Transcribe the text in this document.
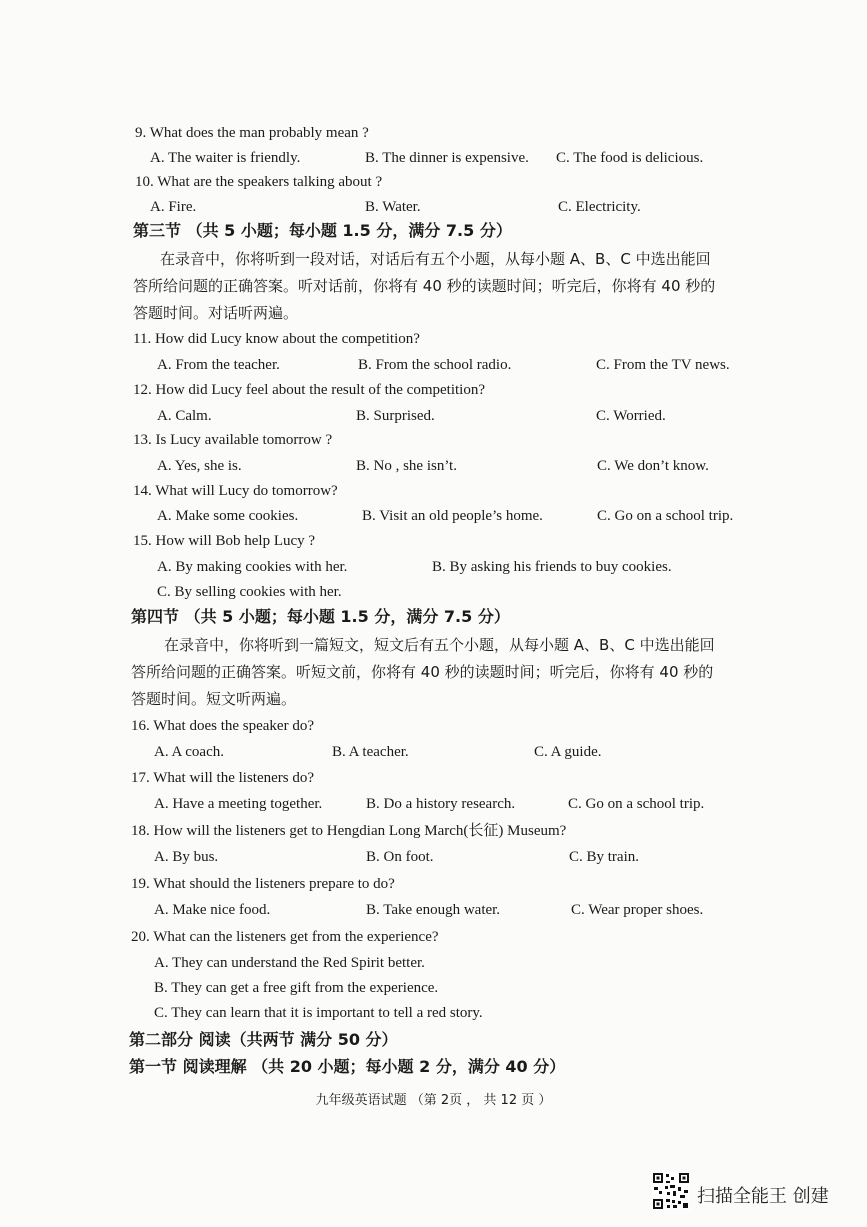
9. What does the man probably mean ?
A. The waiter is friendly.	B. The dinner is expensive. C. The food is delicious.
10. What are the speakers talking about ?
A. Fire.	B. Water.	C. Electricity.
第三节 （共 5 小题；每小题 1.5 分，满分 7.5 分）
在录音中，你将听到一段对话，对话后有五个小题，从每小题 A、B、C 中选出能回
答所给问题的正确答案。听对话前，你将有 40 秒的读题时间；听完后，你将有 40 秒的
答题时间。对话听两遍。
11. How did Lucy know about the competition?
A. From the teacher.	B. From the school radio.	C. From the TV news.
12. How did Lucy feel about the result of the competition?
A. Calm.	B. Surprised.	C. Worried.
13. Is Lucy available tomorrow ?
A. Yes, she is.	B. No , she isn’t.	C. We don’t know.
14. What will Lucy do tomorrow?
A. Make some cookies.	B. Visit an old people’s home.	C. Go on a school trip.
15. How will Bob help Lucy ?
A. By making cookies with her.	B. By asking his friends to buy cookies.
C. By selling cookies with her.
第四节 （共 5 小题；每小题 1.5 分，满分 7.5 分）
在录音中，你将听到一篇短文，短文后有五个小题，从每小题 A、B、C 中选出能回
答所给问题的正确答案。听短文前，你将有 40 秒的读题时间；听完后，你将有 40 秒的
答题时间。短文听两遍。
16. What does the speaker do?
A. A coach.	B. A teacher.	C. A guide.
17. What will the listeners do?
A. Have a meeting together.	B. Do a history research.	C. Go on a school trip.
18. How will the listeners get to Hengdian Long March(长征) Museum?
A. By bus.	B. On foot.	C. By train.
19. What should the listeners prepare to do?
A. Make nice food.	B. Take enough water.	C. Wear proper shoes.
20. What can the listeners get from the experience?
A. They can understand the Red Spirit better.
B. They can get a free gift from the experience.
C. They can learn that it is important to tell a red story.
第二部分 阅读（共两节 满分 50 分）
第一节 阅读理解 （共 20 小题；每小题 2 分，满分 40 分）
九年级英语试题 （第 2页 ， 共 12 页 ）
扫描全能王 创建
